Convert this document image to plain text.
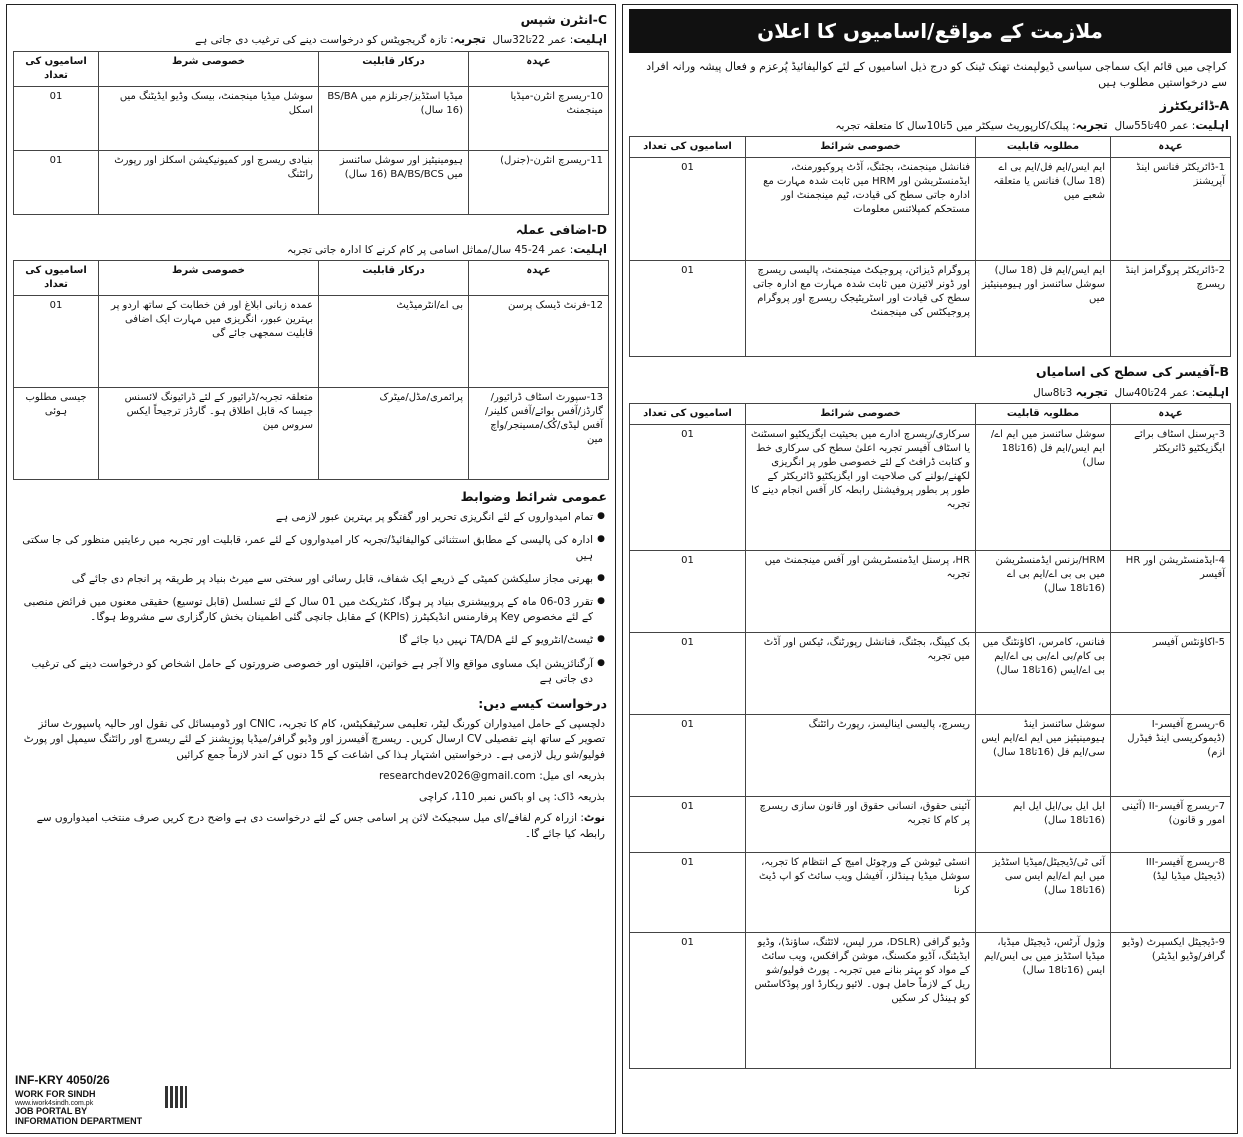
ملازمت کے مواقع/اسامیوں کا اعلان

کراچی میں قائم ایک سماجی سیاسی ڈیولپمنٹ تھنک ٹینک کو درج ذیل اسامیوں کے لئے کوالیفائیڈ پُرعزم و فعال پیشہ ورانہ افراد سے درخواستیں مطلوب ہیں

A-ڈائریکٹرز
اہلیت: عمر 40تا55سال  تجربہ: پبلک/کارپوریٹ سیکٹر میں 5تا10سال کا متعلقہ تجربہ
عہدہ	مطلوبہ قابلیت	خصوصی شرائط	اسامیوں کی تعداد
1-ڈائریکٹر فنانس اینڈ آپریشنز	ایم ایس/ایم فل/ایم بی اے (18 سال) فنانس یا متعلقہ شعبے میں	فنانشل مینجمنٹ، بجٹنگ، آڈٹ پروکیورمنٹ، ایڈمنسٹریشن اور HRM میں ثابت شدہ مہارت مع ادارہ جاتی سطح کی قیادت، ٹیم مینجمنٹ اور مستحکم کمپلائنس معلومات	01
2-ڈائریکٹر پروگرامز اینڈ ریسرچ	ایم ایس/ایم فل (18 سال) سوشل سائنسز اور ہیومینیٹیز میں	پروگرام ڈیزائن، پروجیکٹ مینجمنٹ، پالیسی ریسرچ اور ڈونر لائیزن میں ثابت شدہ مہارت مع ادارہ جاتی سطح کی قیادت اور اسٹریٹیجک ریسرچ اور پروگرام پروجیکٹس کی مینجمنٹ	01
B-آفیسر کی سطح کی اسامیاں
اہلیت: عمر 24تا40سال  تجربہ 3تا8سال
عہدہ	مطلوبہ قابلیت	خصوصی شرائط	اسامیوں کی تعداد
3-پرسنل اسٹاف برائے ایگزیکٹیو ڈائریکٹر	سوشل سائنسز میں ایم اے/ایم ایس/ایم فل (16تا18 سال)	سرکاری/ریسرچ ادارے میں بحیثیت ایگزیکٹیو اسسٹنٹ یا اسٹاف آفیسر تجربہ اعلیٰ سطح کی سرکاری خط و کتابت ڈرافٹ کے لئے خصوصی طور پر انگریزی لکھنے/بولنے کی صلاحیت اور ایگزیکٹیو ڈائریکٹر کے طور پر بطور پروفیشنل رابطہ کار آفس انجام دینے کا تجربہ	01
4-ایڈمنسٹریشن اور HR آفیسر	HRM/بزنس ایڈمنسٹریشن میں بی بی اے/ایم بی اے (16تا18 سال)	HR، پرسنل ایڈمنسٹریشن اور آفس مینجمنٹ میں تجربہ	01
5-اکاؤنٹس آفیسر	فنانس، کامرس، اکاؤنٹنگ میں بی کام/بی اے/بی بی اے/ایم بی اے/ایس (16تا18 سال)	بک کیپنگ، بجٹنگ، فنانشل رپورٹنگ، ٹیکس اور آڈٹ میں تجربہ	01
6-ریسرچ آفیسر-I (ڈیموکریسی اینڈ فیڈرل ازم)	سوشل سائنسز اینڈ ہیومینیٹیز میں ایم اے/ایم ایس سی/ایم فل (16تا18 سال)	ریسرچ، پالیسی اینالیسز، رپورٹ رائٹنگ	01
7-ریسرچ آفیسر-II (آئینی امور و قانون)	ایل ایل بی/ایل ایل ایم (16تا18 سال)	آئینی حقوق، انسانی حقوق اور قانون سازی ریسرچ پر کام کا تجربہ	01
8-ریسرچ آفیسر-III (ڈیجیٹل میڈیا لیڈ)	آئی ٹی/ڈیجیٹل/میڈیا اسٹڈیز میں ایم اے/ایم ایس سی (16تا18 سال)	انسٹی ٹیوشن کے ورچوئل امیج کے انتظام کا تجربہ، سوشل میڈیا ہینڈلز، آفیشل ویب سائٹ کو اپ ڈیٹ کرنا	01
9-ڈیجیٹل ایکسپرٹ (وڈیو گرافر/وڈیو ایڈیٹر)	وژول آرٹس، ڈیجیٹل میڈیا، میڈیا اسٹڈیز میں بی ایس/ایم ایس (16تا18 سال)	وڈیو گرافی (DSLR، مرر لیس، لائٹنگ، ساؤنڈ)، وڈیو ایڈیٹنگ، آڈیو مکسنگ، موشن گرافکس، ویب سائٹ کے مواد کو بہتر بنانے میں تجربہ۔ پورٹ فولیو/شو ریل کے لازماً حامل ہوں۔ لائیو ریکارڈ اور پوڈکاسٹس کو ہینڈل کر سکیں	01
C-انٹرن شپس
اہلیت: عمر 22تا32سال  تجربہ: تازہ گریجویٹس کو درخواست دینے کی ترغیب دی جاتی ہے
عہدہ	درکار قابلیت	خصوصی شرط	اسامیوں کی تعداد
10-ریسرچ انٹرن-میڈیا مینجمنٹ	میڈیا اسٹڈیز/جرنلزم میں BS/BA (16 سال)	سوشل میڈیا مینجمنٹ، بیسک وڈیو ایڈیٹنگ میں اسکل	01
11-ریسرچ انٹرن-(جنرل)	ہیومینیٹیز اور سوشل سائنسز میں BA/BS/BCS (16 سال)	بنیادی ریسرچ اور کمیونیکیشن اسکلز اور رپورٹ رائٹنگ	01
D-اضافی عملہ
اہلیت: عمر 24-45 سال/مماثل اسامی پر کام کرنے کا ادارہ جاتی تجربہ
عہدہ	درکار قابلیت	خصوصی شرط	اسامیوں کی تعداد
12-فرنٹ ڈیسک پرسن	بی اے/انٹرمیڈیٹ	عمدہ زبانی ابلاغ اور فن خطابت کے ساتھ اردو پر بہترین عبور، انگریزی میں مہارت ایک اضافی قابلیت سمجھی جائے گی	01
13-سپورٹ اسٹاف ڈرائیور/گارڈز/آفس بوائے/آفس کلینر/آفس لیڈی/کُک/مسینجر/واچ مین	پرائمری/مڈل/میٹرک	متعلقہ تجربہ/ڈرائیور کے لئے ڈرائیونگ لائسنس جیسا کہ قابل اطلاق ہو۔ گارڈز ترجیحاً ایکس سروس مین	جیسی مطلوب ہوئی
عمومی شرائط وضوابط
● تمام امیدواروں کے لئے انگریزی تحریر اور گفتگو پر بہترین عبور لازمی ہے
● ادارہ کی پالیسی کے مطابق استثنائی کوالیفائیڈ/تجربہ کار امیدواروں کے لئے عمر، قابلیت اور تجربہ میں رعایتیں منظور کی جا سکتی ہیں
● بھرتی مجاز سلیکشن کمیٹی کے ذریعے ایک شفاف، قابل رسائی اور سختی سے میرٹ بنیاد پر طریقہ پر انجام دی جائے گی
● تقرر 03-06 ماہ کے پروبیشنری بنیاد پر ہوگا، کنٹریکٹ میں 01 سال کے لئے تسلسل (قابل توسیع) حقیقی معنوں میں فرائض منصبی کے لئے مخصوص Key پرفارمنس انڈیکیٹرز (KPIs) کے مقابل جانچی گئی اطمینان بخش کارگزاری سے مشروط ہوگا۔
● ٹیسٹ/انٹرویو کے لئے TA/DA نہیں دیا جائے گا
● آرگنائزیشن ایک مساوی مواقع والا آجر ہے خواتین، اقلیتوں اور خصوصی ضرورتوں کے حامل اشخاص کو درخواست دینے کی ترغیب دی جاتی ہے
درخواست کیسے دیں:

دلچسپی کے حامل امیدواران کورنگ لیٹر، تعلیمی سرٹیفکیٹس، کام کا تجربہ، CNIC اور ڈومیسائل کی نقول اور حالیہ پاسپورٹ سائز تصویر کے ساتھ اپنے تفصیلی CV ارسال کریں۔ ریسرچ آفیسرز اور وڈیو گرافر/میڈیا پوزیشنز کے لئے ریسرچ اور رائٹنگ سیمپل اور پورٹ فولیو/شو ریل لازمی ہے۔ درخواستیں اشتہار ہذا کی اشاعت کے 15 دنوں کے اندر لازماً جمع کرائیں

بذریعہ ای میل: researchdev2026@gmail.com

بذریعہ ڈاک: پی او باکس نمبر 110، کراچی

نوٹ: ازراہ کرم لفافے/ای میل سبجیکٹ لائن پر اسامی جس کے لئے درخواست دی ہے واضح درج کریں صرف منتخب امیدواروں سے رابطہ کیا جائے گا۔

INF-KRY 4050/26
WORK FOR SINDH
www.iwork4sindh.com.pk
JOB PORTAL BY
INFORMATION DEPARTMENT
